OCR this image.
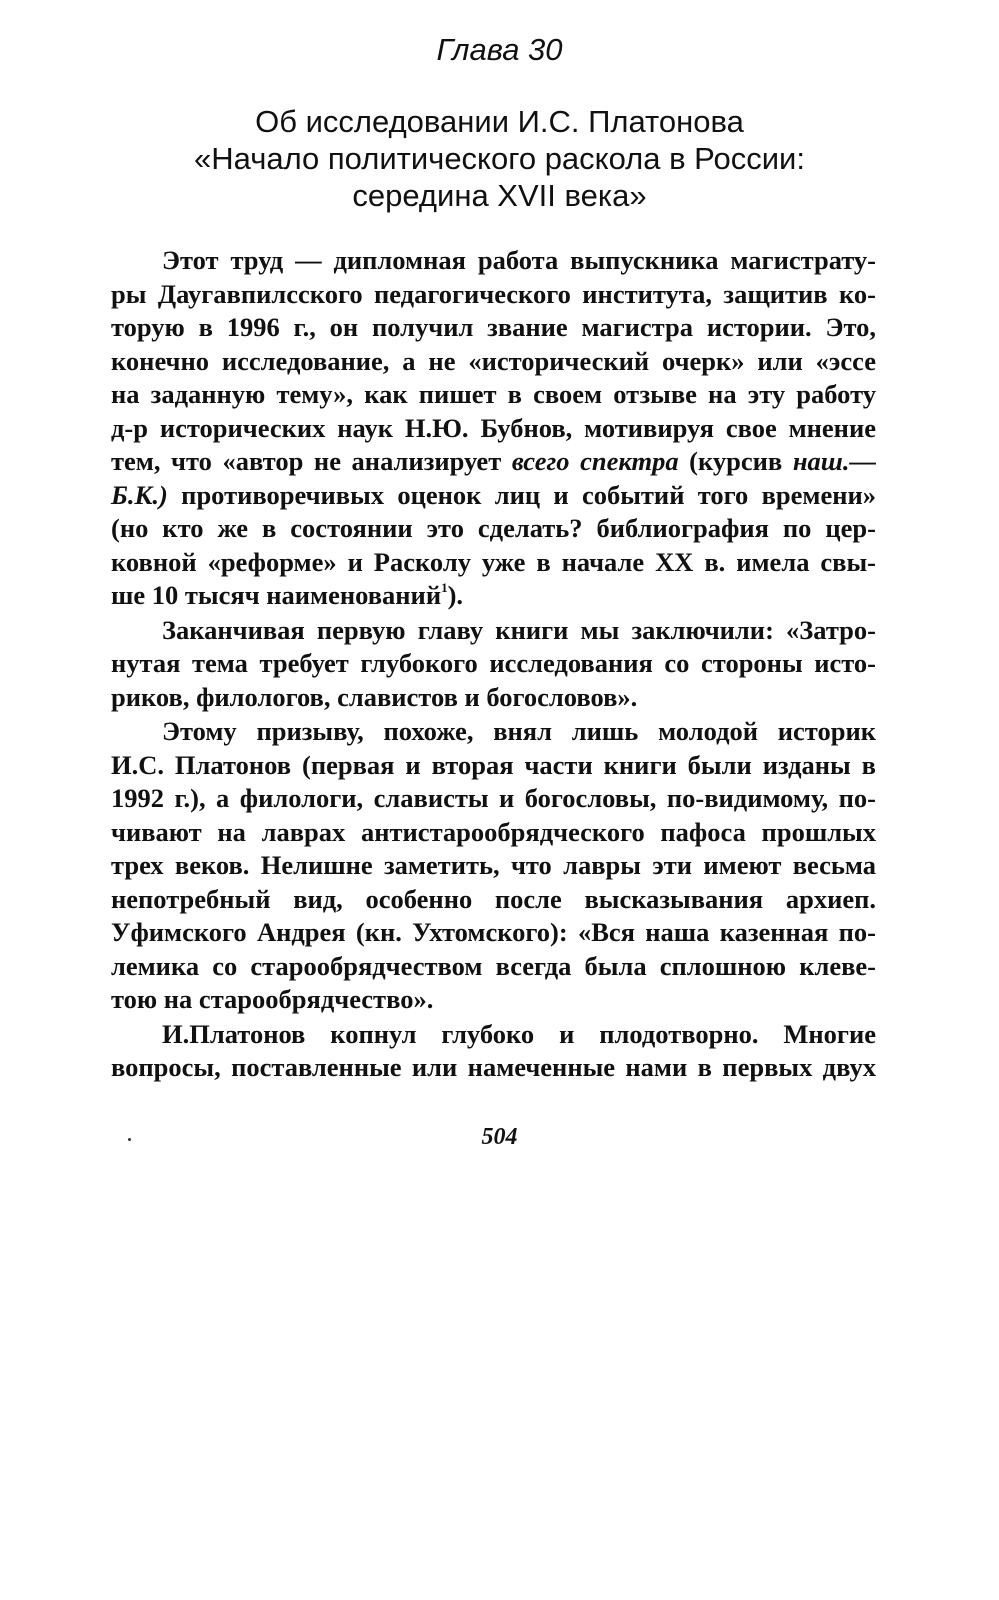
Глава 30
Об исследовании И.С. Платонова
«Начало политического раскола в России:
середина XVII века»

Этот труд — дипломная работа выпускника магистрату-
ры Даугавпилсского педагогического института, защитив ко-
торую в 1996 г., он получил звание магистра истории. Это,
конечно исследование, а не «исторический очерк» или «эссе
на заданную тему», как пишет в своем отзыве на эту работу
д-р исторических наук Н.Ю. Бубнов, мотивируя свое мнение
тем, что «автор не анализирует всего спектра (курсив наш.—
Б.К.) противоречивых оценок лиц и событий того времени»
(но кто же в состоянии это сделать? библиография по цер-
ковной «реформе» и Расколу уже в начале XX в. имела свы-
ше 10 тысяч наименований$^1$).

Заканчивая первую главу книги мы заключили: «Затро-
нутая тема требует глубокого исследования со стороны исто-
риков, филологов, славистов и богословов».

Этому призыву, похоже, внял лишь молодой историк
И.С. Платонов (первая и вторая части книги были изданы в
1992 г.), а филологи, слависты и богословы, по-видимому, по-
чивают на лаврах антистарообрядческого пафоса прошлых
трех веков. Нелишне заметить, что лавры эти имеют весьма
непотребный вид, особенно после высказывания архиеп.
Уфимского Андрея (кн. Ухтомского): «Вся наша казенная по-
лемика со старообрядчеством всегда была сплошною клеве-
тою на старообрядчество».

И.Платонов копнул глубоко и плодотворно. Многие
вопросы, поставленные или намеченные нами в первых двух

504
